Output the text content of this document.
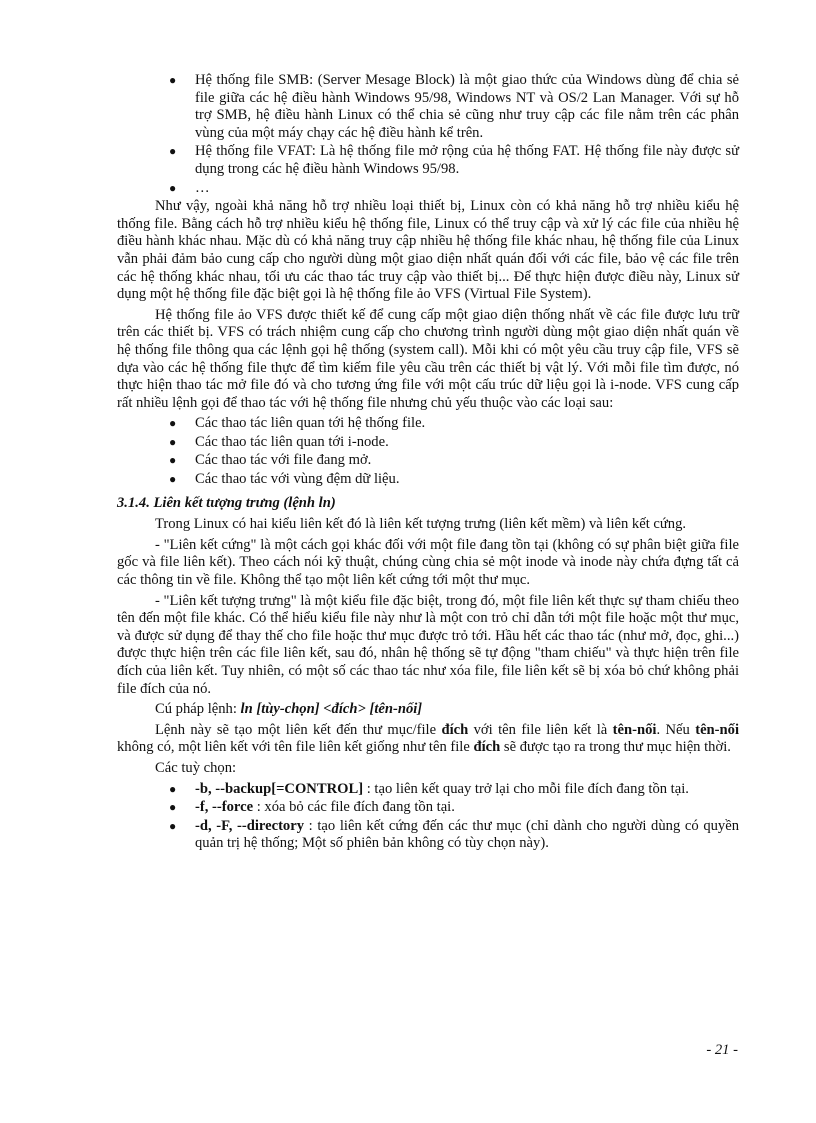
● Hệ thống file SMB: (Server Mesage Block) là một giao thức của Windows dùng để chia sẻ file giữa các hệ điều hành Windows 95/98, Windows NT và OS/2 Lan Manager. Với sự hỗ trợ SMB, hệ điều hành Linux có thể chia sẻ cũng như truy cập các file nằm trên các phân vùng của một máy chạy các hệ điều hành kể trên.
● Hệ thống file VFAT: Là hệ thống file mở rộng của hệ thống FAT. Hệ thống file này được sử dụng trong các hệ điều hành Windows 95/98.
● …

Như vậy, ngoài khả năng hỗ trợ nhiều loại thiết bị, Linux còn có khả năng hỗ trợ nhiều kiểu hệ thống file. Bằng cách hỗ trợ nhiều kiểu hệ thống file, Linux có thể truy cập và xử lý các file của nhiều hệ điều hành khác nhau. Mặc dù có khả năng truy cập nhiều hệ thống file khác nhau, hệ thống file của Linux vẫn phải đảm bảo cung cấp cho người dùng một giao diện nhất quán đối với các file, bảo vệ các file trên các hệ thống khác nhau, tối ưu các thao tác truy cập vào thiết bị... Để thực hiện được điều này, Linux sử dụng một hệ thống file đặc biệt gọi là hệ thống file ảo VFS (Virtual File System).

Hệ thống file ảo VFS được thiết kế để cung cấp một giao diện thống nhất về các file được lưu trữ trên các thiết bị. VFS có trách nhiệm cung cấp cho chương trình người dùng một giao diện nhất quán về hệ thống file thông qua các lệnh gọi hệ thống (system call). Mỗi khi có một yêu cầu truy cập file, VFS sẽ dựa vào các hệ thống file thực để tìm kiếm file yêu cầu trên các thiết bị vật lý. Với mỗi file tìm được, nó thực hiện thao tác mở file đó và cho tương ứng file với một cấu trúc dữ liệu gọi là i-node. VFS cung cấp rất nhiều lệnh gọi để thao tác với hệ thống file nhưng chủ yếu thuộc vào các loại sau:

● Các thao tác liên quan tới hệ thống file.
● Các thao tác liên quan tới i-node.
● Các thao tác với file đang mở.
● Các thao tác với vùng đệm dữ liệu.

3.1.4. Liên kết tượng trưng (lệnh ln)

Trong Linux có hai kiểu liên kết đó là liên kết tượng trưng (liên kết mềm) và liên kết cứng.

- "Liên kết cứng" là một cách gọi khác đối với một file đang tồn tại (không có sự phân biệt giữa file gốc và file liên kết). Theo cách nói kỹ thuật, chúng cùng chia sẻ một inode và inode này chứa đựng tất cả các thông tin về file. Không thể tạo một liên kết cứng tới một thư mục.

- "Liên kết tượng trưng" là một kiểu file đặc biệt, trong đó, một file liên kết thực sự tham chiếu theo tên đến một file khác. Có thể hiểu kiểu file này như là một con trỏ chỉ dẫn tới một file hoặc một thư mục, và được sử dụng để thay thế cho file hoặc thư mục được trỏ tới. Hầu hết các thao tác (như mở, đọc, ghi...) được thực hiện trên các file liên kết, sau đó, nhân hệ thống sẽ tự động "tham chiếu" và thực hiện trên file đích của liên kết. Tuy nhiên, có một số các thao tác như xóa file, file liên kết sẽ bị xóa bỏ chứ không phải file đích của nó.

Cú pháp lệnh: ln [tùy-chọn] <đích> [tên-nối]

Lệnh này sẽ tạo một liên kết đến thư mục/file đích với tên file liên kết là tên-nối. Nếu tên-nối không có, một liên kết với tên file liên kết giống như tên file đích sẽ được tạo ra trong thư mục hiện thời.

Các tuỳ chọn:

● -b, --backup[=CONTROL] : tạo liên kết quay trở lại cho mỗi file đích đang tồn tại.
● -f, --force : xóa bỏ các file đích đang tồn tại.
● -d, -F, --directory : tạo liên kết cứng đến các thư mục (chỉ dành cho người dùng có quyền quản trị hệ thống; Một số phiên bản không có tùy chọn này).
- 21 -
